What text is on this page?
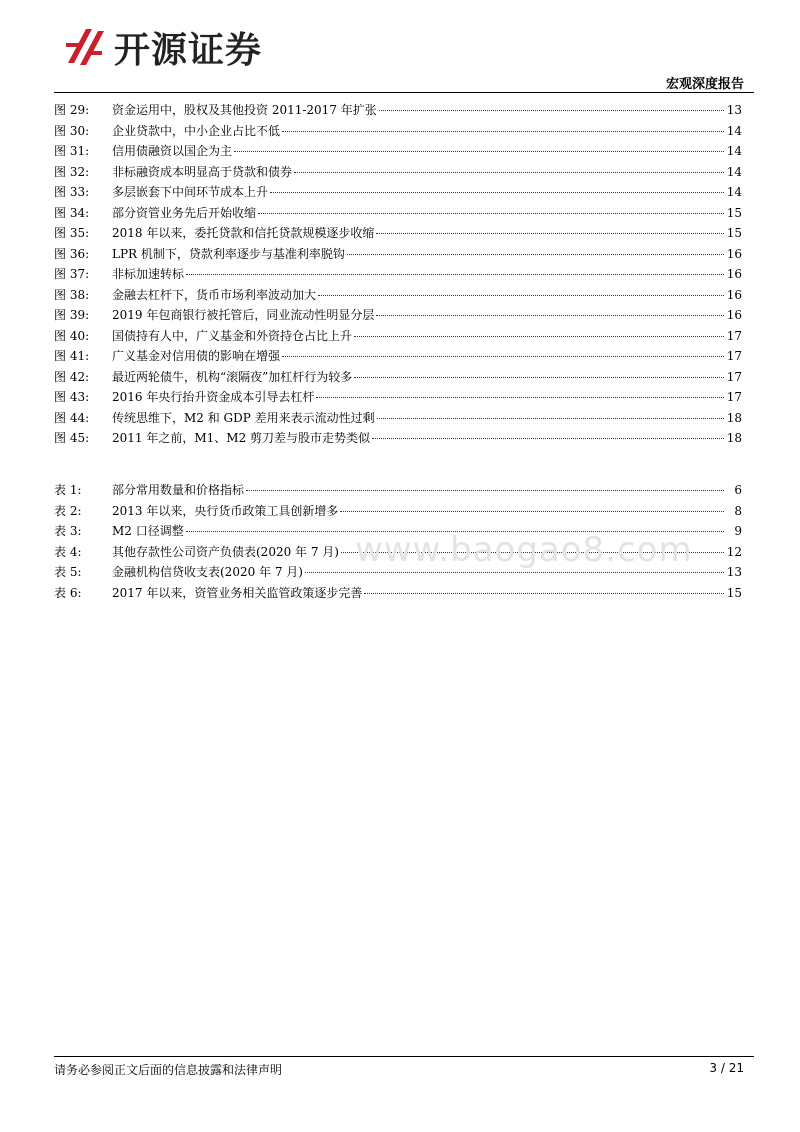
开源证券
宏观深度报告
图 29:	资金运用中，股权及其他投资 2011-2017 年扩张	13
图 30:	企业贷款中，中小企业占比不低	14
图 31:	信用债融资以国企为主	14
图 32:	非标融资成本明显高于贷款和债券	14
图 33:	多层嵌套下中间环节成本上升	14
图 34:	部分资管业务先后开始收缩	15
图 35:	2018 年以来，委托贷款和信托贷款规模逐步收缩	15
图 36:	LPR 机制下，贷款利率逐步与基准利率脱钩	16
图 37:	非标加速转标	16
图 38:	金融去杠杆下，货币市场利率波动加大	16
图 39:	2019 年包商银行被托管后，同业流动性明显分层	16
图 40:	国债持有人中，广义基金和外资持仓占比上升	17
图 41:	广义基金对信用债的影响在增强	17
图 42:	最近两轮债牛，机构“滚隔夜”加杠杆行为较多	17
图 43:	2016 年央行抬升资金成本引导去杠杆	17
图 44:	传统思维下，M2 和 GDP 差用来表示流动性过剩	18
图 45:	2011 年之前，M1、M2 剪刀差与股市走势类似	18
表 1:	部分常用数量和价格指标	6
表 2:	2013 年以来，央行货币政策工具创新增多	8
表 3:	M2 口径调整	9
表 4:	其他存款性公司资产负债表(2020 年 7 月)	12
表 5:	金融机构信贷收支表(2020 年 7 月)	13
表 6:	2017 年以来，资管业务相关监管政策逐步完善	15
www.baogao8.com
请务必参阅正文后面的信息披露和法律声明	3 / 21
